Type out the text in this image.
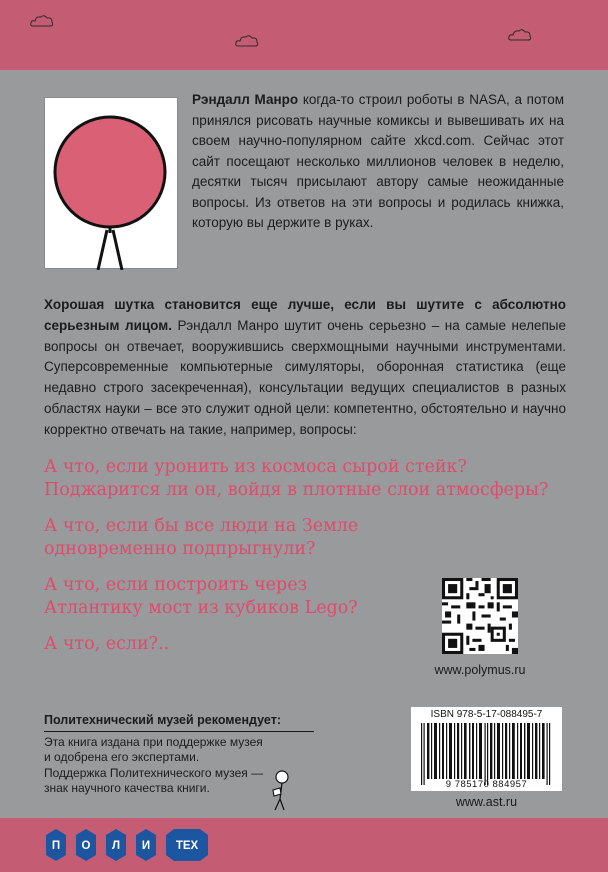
Рэндалл Манро когда-то строил роботы в NASA, а потом принялся рисовать научные комиксы и вывешивать их на своем научно-популярном сайте xkcd.com. Сейчас этот сайт посещают несколько миллионов человек в неделю, десятки тысяч присылают автору самые неожиданные вопросы. Из ответов на эти вопросы и родилась книжка, которую вы держите в руках.
Хорошая шутка становится еще лучше, если вы шутите с абсолютно серьезным лицом. Рэндалл Манро шутит очень серьезно – на самые нелепые вопросы он отвечает, вооружившись сверхмощными научными инструментами. Суперсовременные компьютерные симуляторы, оборонная статистика (еще недавно строго засекреченная), консультации ведущих специалистов в разных областях науки – все это служит одной цели: компетентно, обстоятельно и научно корректно отвечать на такие, например, вопросы:

А что, если уронить из космоса сырой стейк? Поджарится ли он, войдя в плотные слои атмосферы?

А что, если бы все люди на Земле одновременно подпрыгнули?

А что, если построить через Атлантику мост из кубиков Lego?

А что, если?..

www.polymus.ru
Политехнический музей рекомендует:
Эта книга издана при поддержке музея
и одобрена его экспертами.
Поддержка Политехнического музея —
знак научного качества книги.
ISBN 978-5-17-088495-7
9 785170 884957
www.ast.ru
П О Л И ТЕХ
